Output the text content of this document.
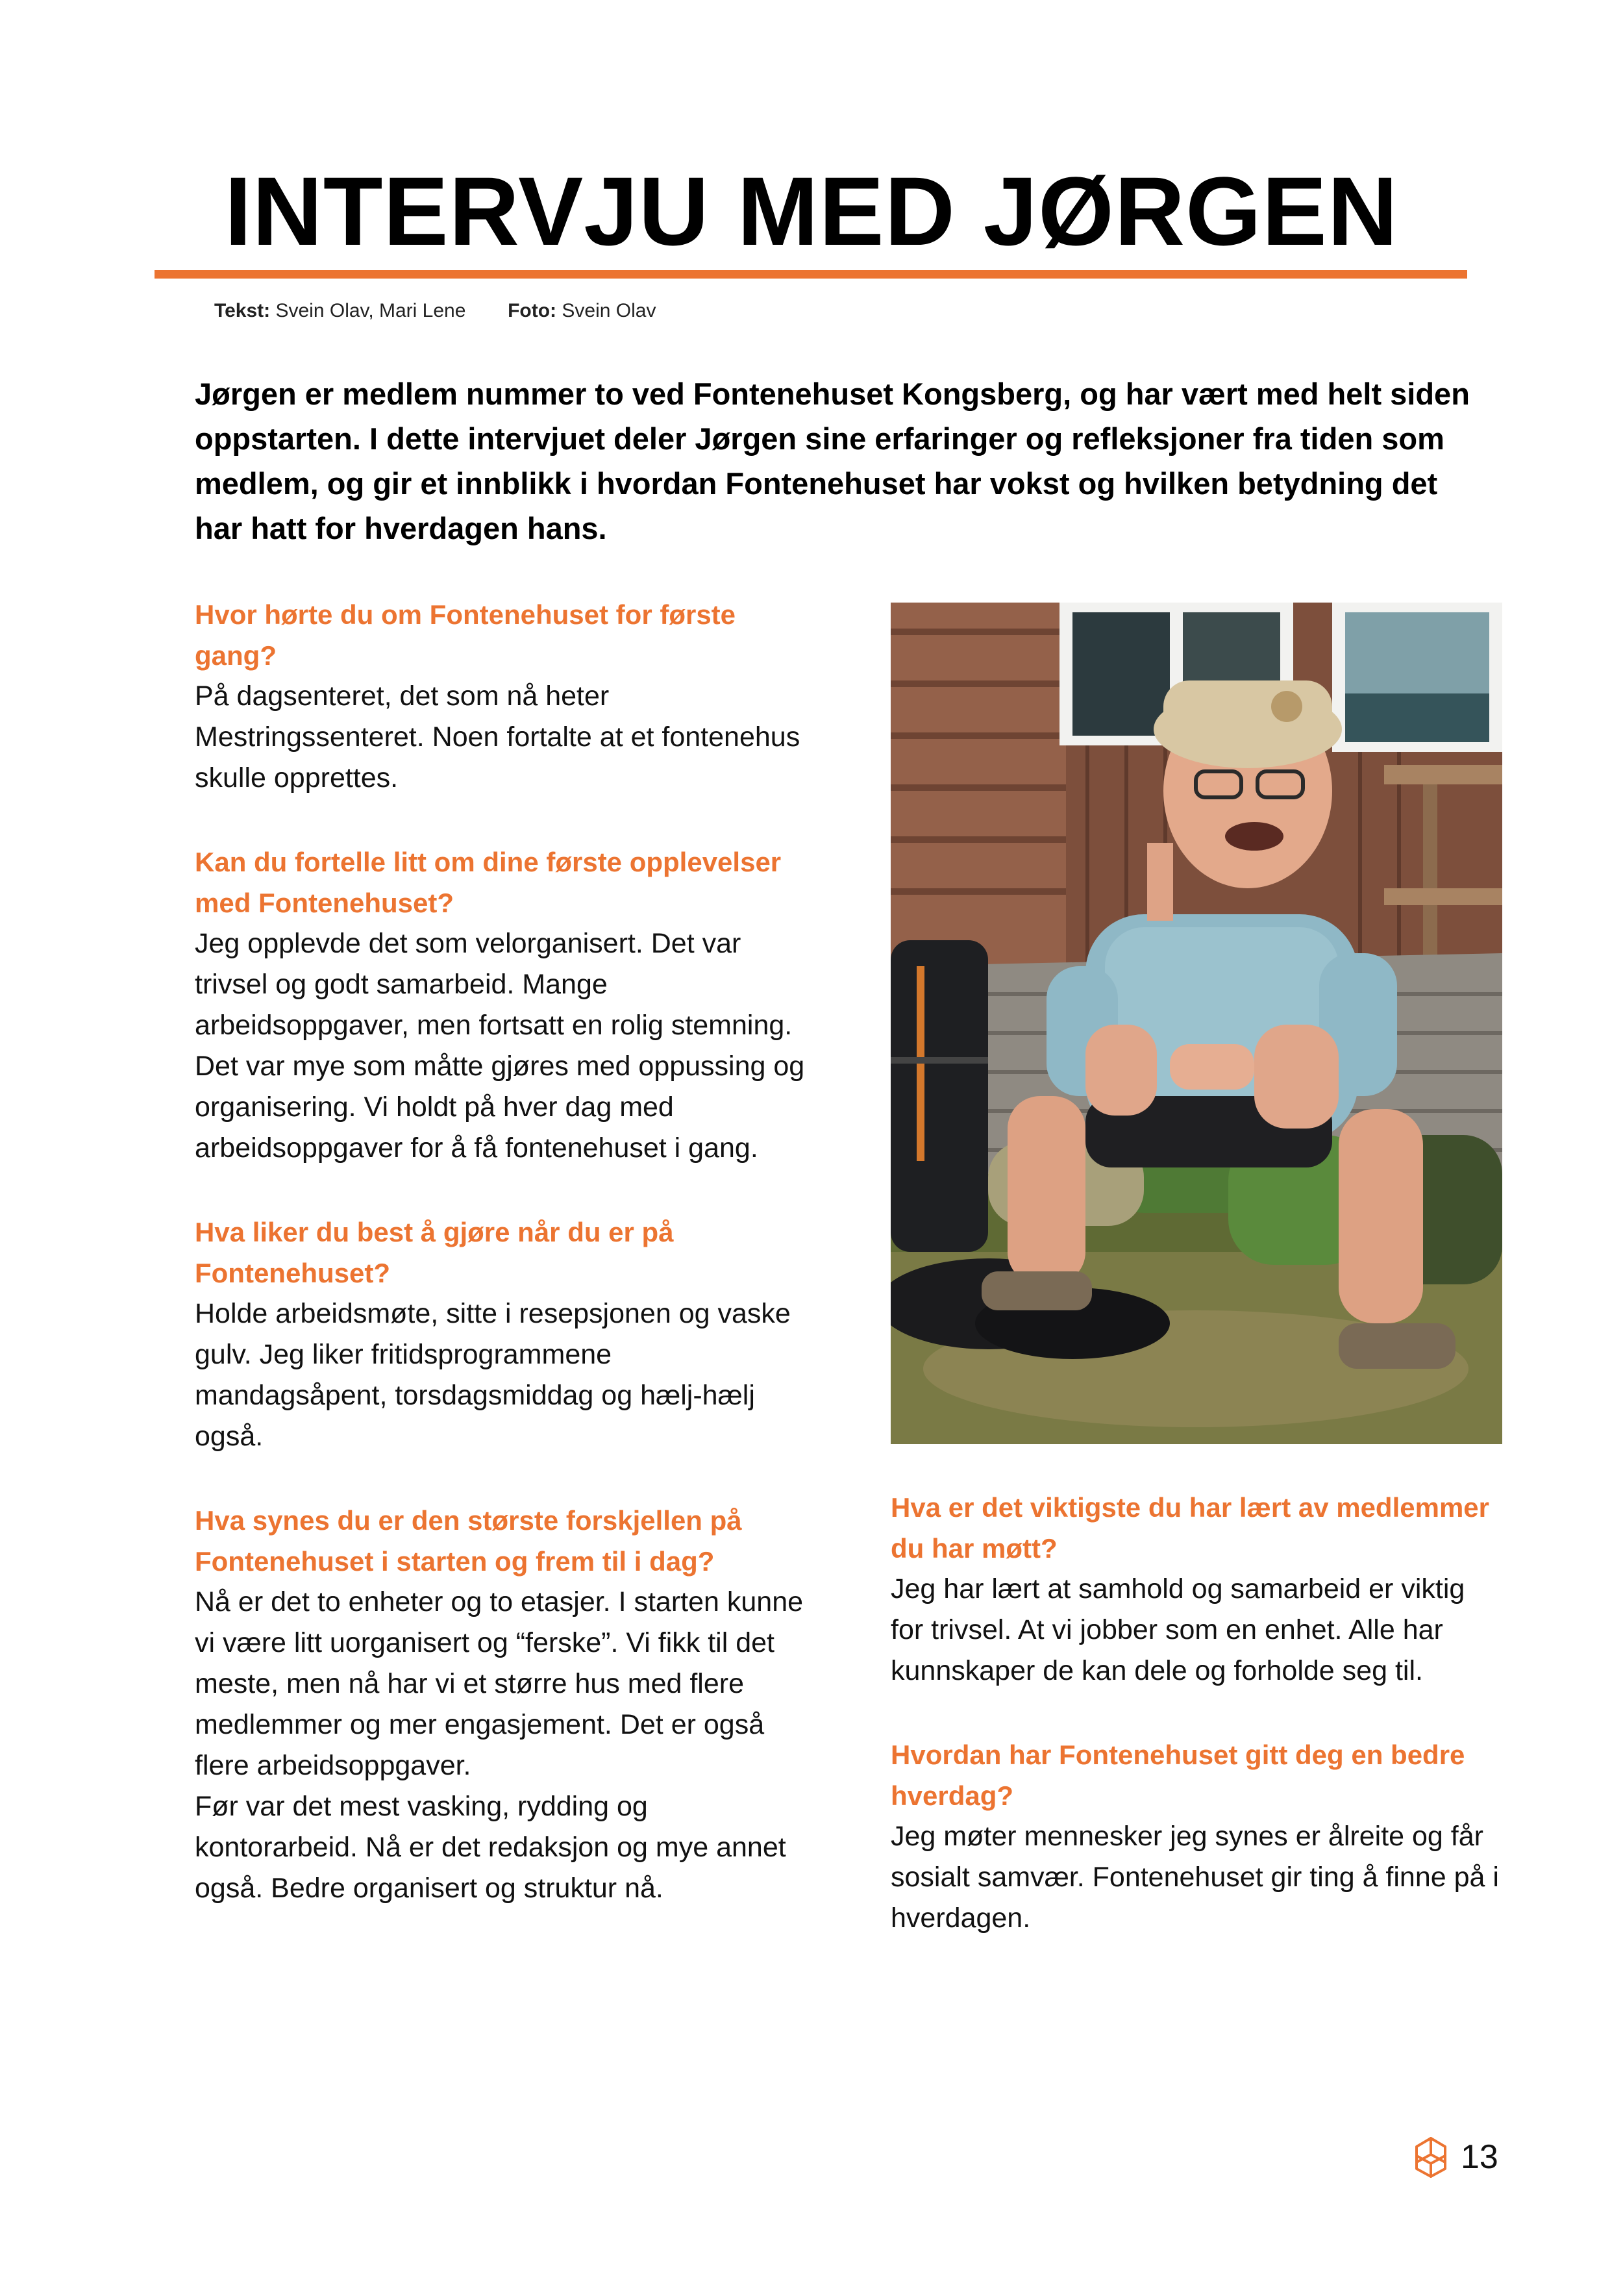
INTERVJU MED JØRGEN
Tekst: Svein Olav, Mari Lene Foto: Svein Olav

Jørgen er medlem nummer to ved Fontenehuset Kongsberg, og har vært med helt siden oppstarten. I dette intervjuet deler Jørgen sine erfaringer og refleksjoner fra tiden som medlem, og gir et innblikk i hvordan Fontenehuset har vokst og hvilken betydning det har hatt for hverdagen hans.

Hvor hørte du om Fontenehuset for første gang?

På dagsenteret, det som nå heter Mestringssenteret. Noen fortalte at et fontenehus skulle opprettes.

Kan du fortelle litt om dine første opplevelser med Fontenehuset?

Jeg opplevde det som velorganisert. Det var trivsel og godt samarbeid. Mange arbeidsoppgaver, men fortsatt en rolig stemning. Det var mye som måtte gjøres med oppussing og organisering. Vi holdt på hver dag med arbeidsoppgaver for å få fontenehuset i gang.

Hva liker du best å gjøre når du er på Fontenehuset?

Holde arbeidsmøte, sitte i resepsjonen og vaske gulv. Jeg liker fritidsprogrammene mandagsåpent, torsdagsmiddag og hælj-hælj også.

Hva synes du er den største forskjellen på Fontenehuset i starten og frem til i dag?

Nå er det to enheter og to etasjer. I starten kunne vi være litt uorganisert og “ferske”. Vi fikk til det meste, men nå har vi et større hus med flere medlemmer og mer engasjement. Det er også flere arbeidsoppgaver.

Før var det mest vasking, rydding og kontorarbeid. Nå er det redaksjon og mye annet også. Bedre organisert og struktur nå.

Hva er det viktigste du har lært av medlemmer du har møtt?

Jeg har lært at samhold og samarbeid er viktig for trivsel. At vi jobber som en enhet. Alle har kunnskaper de kan dele og forholde seg til.

Hvordan har Fontenehuset gitt deg en bedre hverdag?

Jeg møter mennesker jeg synes er ålreite og får sosialt samvær. Fontenehuset gir ting å finne på i hverdagen.

13
